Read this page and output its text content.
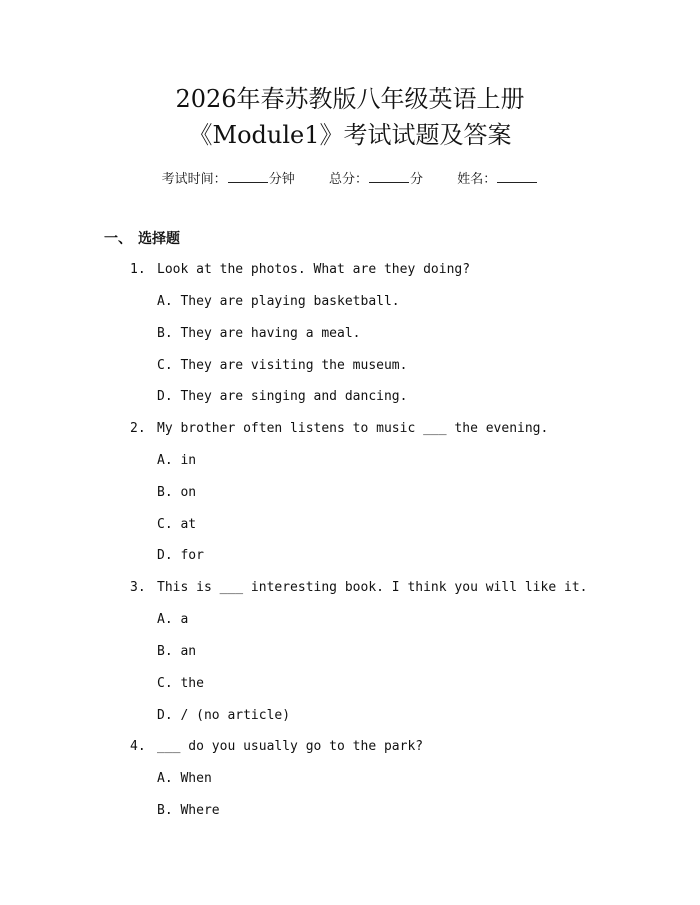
2026年春苏教版八年级英语上册
《Module1》考试试题及答案
考试时间：	分钟	总分：	分	姓名：
一、 选择题
1. Look at the photos. What are they doing?
A. They are playing basketball.
B. They are having a meal.
C. They are visiting the museum.
D. They are singing and dancing.
2. My brother often listens to music ___ the evening.
A. in
B. on
C. at
D. for
3. This is ___ interesting book. I think you will like it.
A. a
B. an
C. the
D. / (no article)
4. ___ do you usually go to the park?
A. When
B. Where
